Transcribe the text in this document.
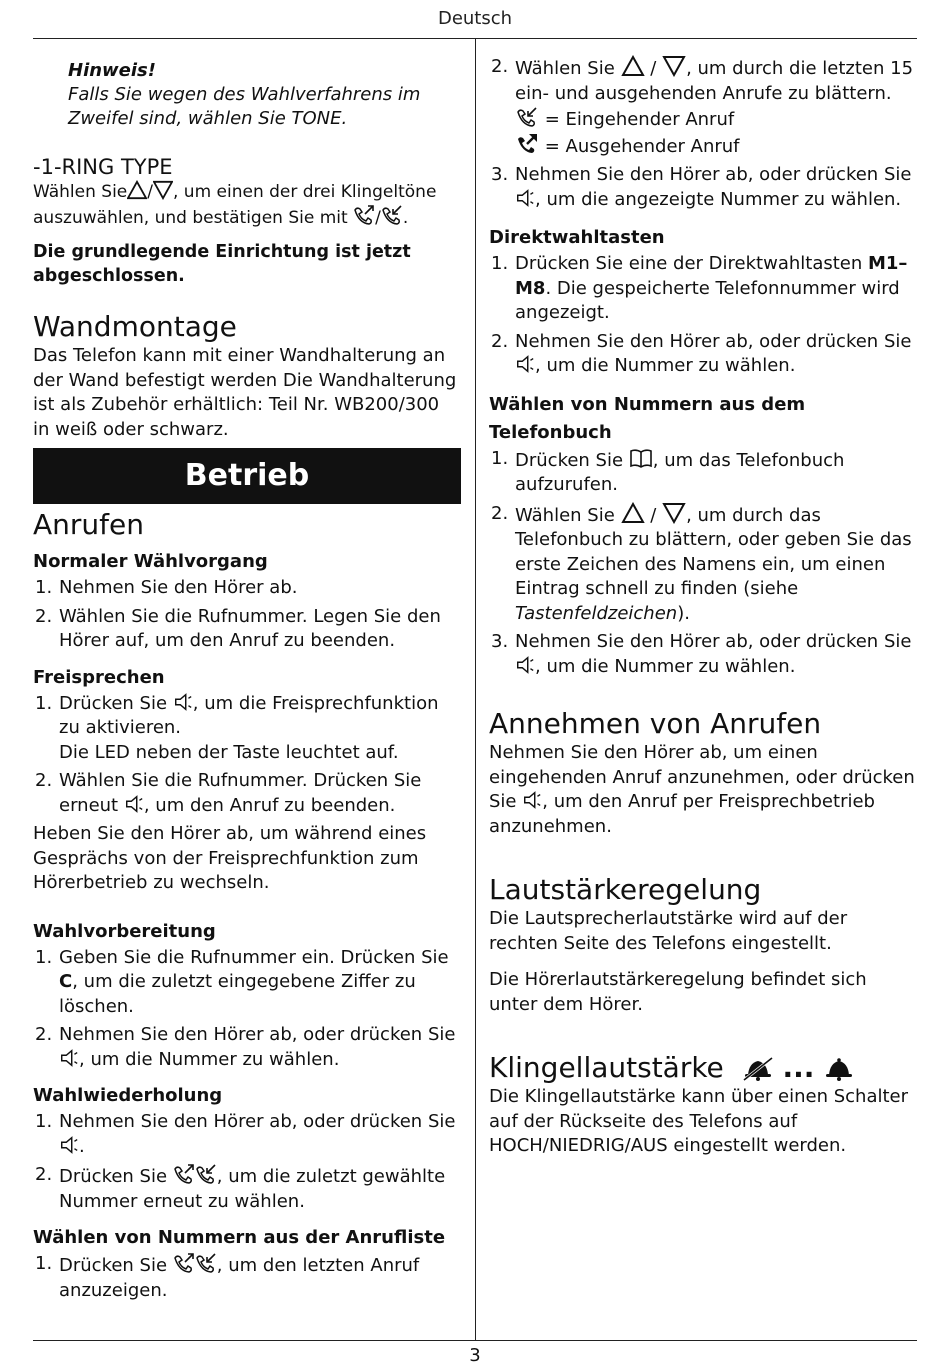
Deutsch
3
Hinweis!
Falls Sie wegen des Wahlverfahrens im Zweifel sind, wählen Sie TONE.
-1-RING TYPE

Wählen Sie / , um einen der drei Klingeltöne auszuwählen, und bestätigen Sie mit / .

Die grundlegende Einrichtung ist jetzt abgeschlossen.

Wandmontage

Das Telefon kann mit einer Wandhalterung an der Wand befestigt werden Die Wandhalterung ist als Zubehör erhältlich: Teil Nr. WB200/300 in weiß oder schwarz.

Betrieb
Anrufen
Normaler Wählvorgang
1. Nehmen Sie den Hörer ab.
2. Wählen Sie die Rufnummer. Legen Sie den Hörer auf, um den Anruf zu beenden.
Freisprechen
1. Drücken Sie , um die Freisprechfunktion zu aktivieren.
Die LED neben der Taste leuchtet auf.
2. Wählen Sie die Rufnummer. Drücken Sie erneut , um den Anruf zu beenden.

Heben Sie den Hörer ab, um während eines Gesprächs von der Freisprechfunktion zum Hörerbetrieb zu wechseln.

Wahlvorbereitung
1. Geben Sie die Rufnummer ein. Drücken Sie C, um die zuletzt eingegebene Ziffer zu löschen.
2. Nehmen Sie den Hörer ab, oder drücken Sie , um die Nummer zu wählen.
Wahlwiederholung
1. Nehmen Sie den Hörer ab, oder drücken Sie .
2. Drücken Sie	, um die zuletzt gewählte Nummer erneut zu wählen.
Wählen von Nummern aus der Anrufliste
1. Drücken Sie	, um den letzten Anruf anzuzeigen.
2. Wählen Sie / , um durch die letzten 15 ein- und ausgehenden Anrufe zu blättern.
= Eingehender Anruf
= Ausgehender Anruf
3. Nehmen Sie den Hörer ab, oder drücken Sie , um die angezeigte Nummer zu wählen.
Direktwahltasten
1. Drücken Sie eine der Direktwahltasten M1–M8. Die gespeicherte Telefonnummer wird angezeigt.
2. Nehmen Sie den Hörer ab, oder drücken Sie , um die Nummer zu wählen.
Wählen von Nummern aus dem Telefonbuch
1. Drücken Sie , um das Telefonbuch aufzurufen.
2. Wählen Sie / , um durch das Telefonbuch zu blättern, oder geben Sie das erste Zeichen des Namens ein, um einen Eintrag schnell zu finden (siehe Tastenfeldzeichen).
3. Nehmen Sie den Hörer ab, oder drücken Sie , um die Nummer zu wählen.
Annehmen von Anrufen

Nehmen Sie den Hörer ab, um einen eingehenden Anruf anzunehmen, oder drücken Sie , um den Anruf per Freisprechbetrieb anzunehmen.

Lautstärkeregelung

Die Lautsprecherlautstärke wird auf der rechten Seite des Telefons eingestellt.

Die Hörerlautstärkeregelung befindet sich unter dem Hörer.

Klingellautstärke

...

Die Klingellautstärke kann über einen Schalter auf der Rückseite des Telefons auf HOCH/NIEDRIG/AUS eingestellt werden.
